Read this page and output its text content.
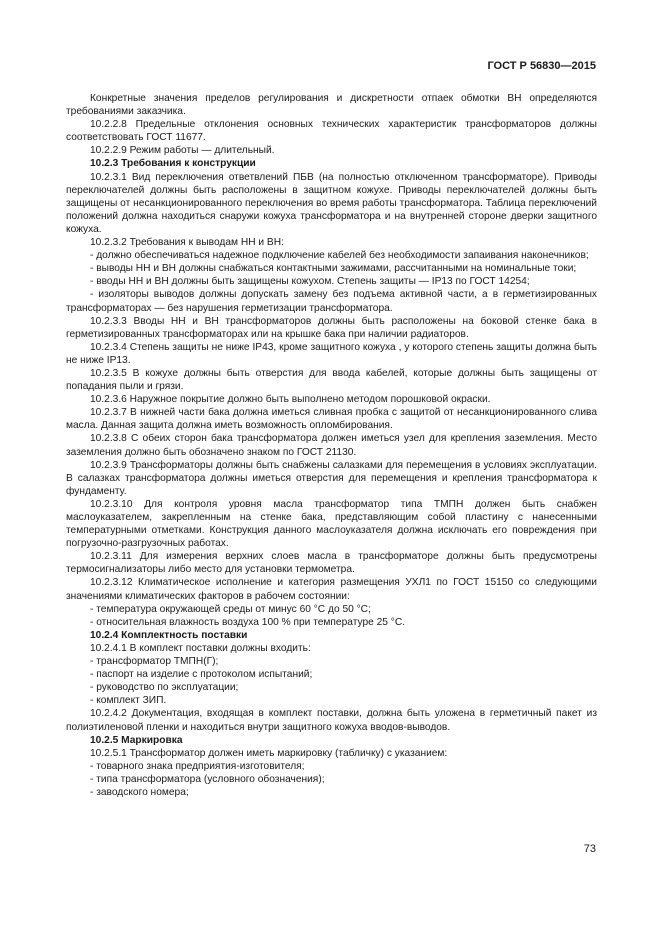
ГОСТ Р 56830—2015

Конкретные значения пределов регулирования и дискретности отпаек обмотки ВН определяются требованиями заказчика.

10.2.2.8 Предельные отклонения основных технических характеристик трансформаторов должны соответствовать ГОСТ 11677.

10.2.2.9 Режим работы — длительный.

10.2.3 Требования к конструкции

10.2.3.1 Вид переключения ответвлений ПБВ (на полностью отключенном трансформаторе). Приводы переключателей должны быть расположены в защитном кожухе. Приводы переключателей должны быть защищены от несанкционированного переключения во время работы трансформатора. Таблица переключений положений должна находиться снаружи кожуха трансформатора и на внутренней стороне дверки защитного кожуха.

10.2.3.2 Требования к выводам НН и ВН:

- должно обеспечиваться надежное подключение кабелей без необходимости запаивания наконечников;

- выводы НН и ВН должны снабжаться контактными зажимами, рассчитанными на номинальные токи;

- вводы НН и ВН должны быть защищены кожухом. Степень защиты — IP13 по ГОСТ 14254;

- изоляторы выводов должны допускать замену без подъема активной части, а в герметизированных трансформаторах — без нарушения герметизации трансформатора.

10.2.3.3 Вводы НН и ВН трансформаторов должны быть расположены на боковой стенке бака в герметизированных трансформаторах или на крышке бака при наличии радиаторов.

10.2.3.4 Степень защиты не ниже IP43, кроме защитного кожуха , у которого степень защиты должна быть не ниже IP13.

10.2.3.5 В кожухе должны быть отверстия для ввода кабелей, которые должны быть защищены от попадания пыли и грязи.

10.2.3.6 Наружное покрытие должно быть выполнено методом порошковой окраски.

10.2.3.7 В нижней части бака должна иметься сливная пробка с защитой от несанкционированного слива масла. Данная защита должна иметь возможность опломбирования.

10.2.3.8 С обеих сторон бака трансформатора должен иметься узел для крепления заземления. Место заземления должно быть обозначено знаком по ГОСТ 21130.

10.2.3.9 Трансформаторы должны быть снабжены салазками для перемещения в условиях эксплуатации. В салазках трансформатора должны иметься отверстия для перемещения и крепления трансформатора к фундаменту.

10.2.3.10 Для контроля уровня масла трансформатор типа ТМПН должен быть снабжен маслоуказателем, закрепленным на стенке бака, представляющим собой пластину с нанесенными температурными отметками. Конструкция данного маслоуказателя должна исключать его повреждения при погрузочно-разгрузочных работах.

10.2.3.11 Для измерения верхних слоев масла в трансформаторе должны быть предусмотрены термосигнализаторы либо место для установки термометра.

10.2.3.12 Климатическое исполнение и категория размещения УХЛ1 по ГОСТ 15150 со следующими значениями климатических факторов в рабочем состоянии:

- температура окружающей среды от минус 60 °С до 50 °С;

- относительная влажность воздуха 100 % при температуре 25 °С.

10.2.4 Комплектность поставки

10.2.4.1 В комплект поставки должны входить:

- трансформатор ТМПН(Г);

- паспорт на изделие с протоколом испытаний;

- руководство по эксплуатации;

- комплект ЗИП.

10.2.4.2 Документация, входящая в комплект поставки, должна быть уложена в герметичный пакет из полиэтиленовой пленки и находиться внутри защитного кожуха вводов-выводов.

10.2.5 Маркировка

10.2.5.1 Трансформатор должен иметь маркировку (табличку) с указанием:

- товарного знака предприятия-изготовителя;

- типа трансформатора (условного обозначения);

- заводского номера;

73
